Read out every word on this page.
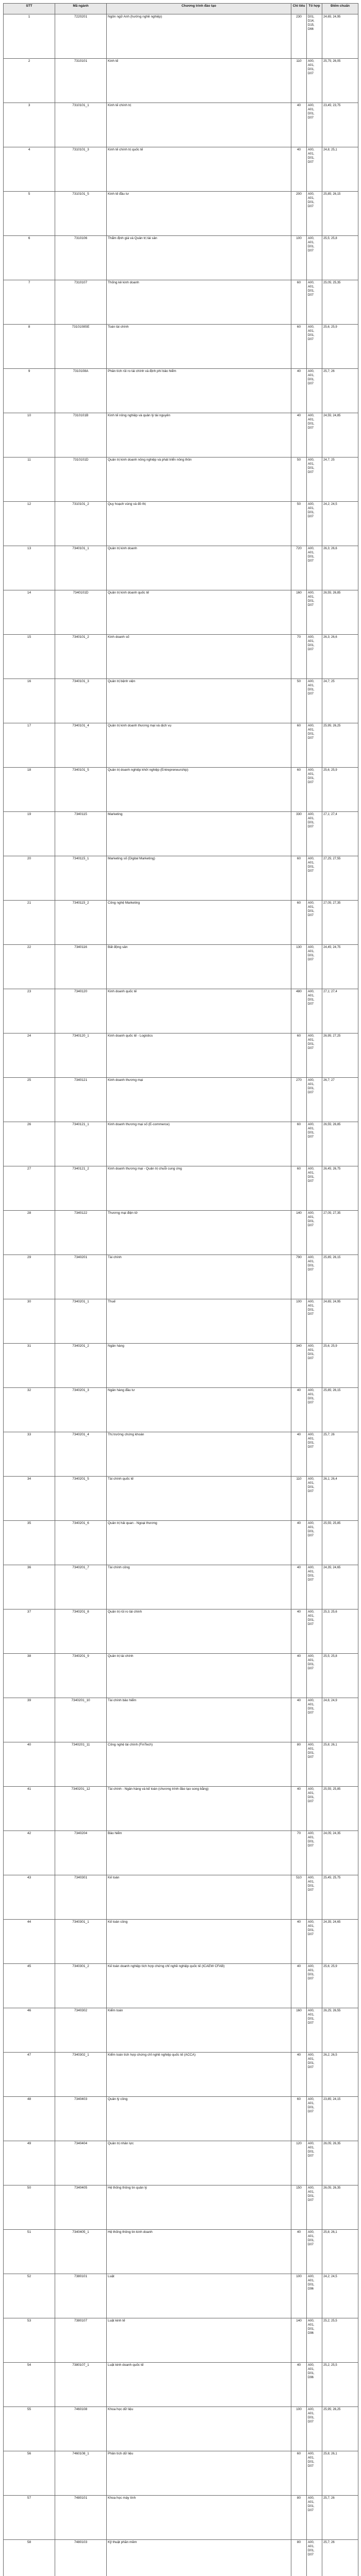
STT	Mã ngành	Chương trình đào tạo	Chỉ tiêu	Tổ hợp	Điểm chuẩn
1	7220201	Ngôn ngữ Anh (hướng nghề nghiệp)	230	D01, D14, D15, D66	24,65; 24,95
2	7310101	Kinh tế	110	A00, A01, D01, D07	25,75; 26,05
3	7310101_1	Kinh tế chính trị	40	A00, A01, D01, D07	23,45; 23,75
4	7310101_3	Kinh tế chính trị quốc tế	40	A00, A01, D01, D07	24,8; 25,1
5	7310101_5	Kinh tế đầu tư	200	A00, A01, D01, D07	25,85; 26,15
6	7310106	Thẩm định giá và Quản trị tài sản	100	A00, A01, D01, D07	25,5; 25,8
7	7310107	Thống kê kinh doanh	60	A00, A01, D01, D07	25,05; 25,35
8	7310108SE	Toán tài chính	60	A00, A01, D01, D07	25,6; 25,9
9	7310108A	Phân tích rủi ro tài chính và định phí bảo hiểm	40	A00, A01, D01, D07	25,7; 26
10	7310101B	Kinh tế nông nghiệp và quản lý tài nguyên	40	A00, A01, D01, D07	24,55; 24,85
11	7310101D	Quản trị kinh doanh nông nghiệp và phát triển nông thôn	50	A00, A01, D01, D07	24,7; 25
12	7310101_2	Quy hoạch vùng và đô thị	50	A00, A01, D01, D07	24,2; 24,5
13	7340101_1	Quản trị kinh doanh	720	A00, A01, D01, D07	26,3; 26,6
14	7340101D	Quản trị kinh doanh quốc tế	160	A00, A01, D01, D07	26,55; 26,85
15	7340101_2	Kinh doanh số	70	A00, A01, D01, D07	26,3; 26,6
16	7340101_3	Quản trị bệnh viện	50	A00, A01, D01, D07	24,7; 25
17	7340101_4	Quản trị kinh doanh thương mại và dịch vụ	60	A00, A01, D01, D07	25,95; 26,25
18	7340101_5	Quản trị doanh nghiệp khởi nghiệp (Entrepreneurship)	60	A00, A01, D01, D07	25,6; 25,9
19	7340115	Marketing	330	A00, A01, D01, D07	27,1; 27,4
20	7340115_1	Marketing số (Digital Marketing)	60	A00, A01, D01, D07	27,25; 27,55
21	7340115_2	Công nghệ Marketing	60	A00, A01, D01, D07	27,05; 27,35
22	7340116	Bất động sản	130	A00, A01, D01, D07	24,45; 24,75
23	7340120	Kinh doanh quốc tế	480	A00, A01, D01, D07	27,1; 27,4
24	7340120_1	Kinh doanh quốc tế - Logistics	60	A00, A01, D01, D07	26,95; 27,25
25	7340121	Kinh doanh thương mại	270	A00, A01, D01, D07	26,7; 27
26	7340121_1	Kinh doanh thương mại số (E-commerce)	60	A00, A01, D01, D07	26,55; 26,85
27	7340121_2	Kinh doanh thương mại - Quản trị chuỗi cung ứng	60	A00, A01, D01, D07	26,45; 26,75
28	7340122	Thương mại điện tử	140	A00, A01, D01, D07	27,05; 27,35
29	7340201	Tài chính	790	A00, A01, D01, D07	25,85; 26,15
30	7340201_1	Thuế	100	A00, A01, D01, D07	24,65; 24,95
31	7340201_2	Ngân hàng	340	A00, A01, D01, D07	25,6; 25,9
32	7340201_3	Ngân hàng đầu tư	40	A00, A01, D01, D07	25,85; 26,15
33	7340201_4	Thị trường chứng khoán	40	A00, A01, D01, D07	25,7; 26
34	7340201_5	Tài chính quốc tế	110	A00, A01, D01, D07	26,1; 26,4
35	7340201_6	Quản trị hải quan - Ngoại thương	40	A00, A01, D01, D07	25,55; 25,85
36	7340201_7	Tài chính công	40	A00, A01, D01, D07	24,35; 24,65
37	7340201_8	Quản trị rủi ro tài chính	40	A00, A01, D01, D07	25,3; 25,6
38	7340201_9	Quản trị tài chính	40	A00, A01, D01, D07	25,5; 25,8
39	7340201_10	Tài chính bảo hiểm	40	A00, A01, D01, D07	24,6; 24,9
40	7340201_11	Công nghệ tài chính (FinTech)	80	A00, A01, D01, D07	25,8; 26,1
41	7340201_12	Tài chính - Ngân hàng và kế toán (chương trình đào tạo song bằng)	40	A00, A01, D01, D07	25,55; 25,85
42	7340204	Bảo hiểm	70	A00, A01, D01, D07	24,05; 24,35
43	7340301	Kế toán	510	A00, A01, D01, D07	25,45; 25,75
44	7340301_1	Kế toán công	40	A00, A01, D01, D07	24,35; 24,65
45	7340301_2	Kế toán doanh nghiệp tích hợp chứng chỉ nghề nghiệp quốc tế (ICAEW CFAB)	40	A00, A01, D01, D07	25,6; 25,9
46	7340302	Kiểm toán	160	A00, A01, D01, D07	26,25; 26,55
47	7340302_1	Kiểm toán tích hợp chứng chỉ nghề nghiệp quốc tế (ACCA)	40	A00, A01, D01, D07	26,2; 26,5
48	7340403	Quản lý công	60	A00, A01, D01, D07	23,85; 24,15
49	7340404	Quản trị nhân lực	120	A00, A01, D01, D07	26,05; 26,35
50	7340405	Hệ thống thông tin quản lý	150	A00, A01, D01, D07	26,05; 26,35
51	7340405_1	Hệ thống thông tin kinh doanh	40	A00, A01, D01, D07	25,8; 26,1
52	7380101	Luật	100	A00, A01, D01, D96	24,2; 24,5
53	7380107	Luật kinh tế	140	A00, A01, D01, D96	25,2; 25,5
54	7380107_1	Luật kinh doanh quốc tế	40	A00, A01, D01, D96	25,2; 25,5
55	7460108	Khoa học dữ liệu	100	A00, A01, D01, D07	25,95; 26,25
56	7460108_1	Phân tích dữ liệu	60	A00, A01, D01, D07	25,8; 26,1
57	7480101	Khoa học máy tính	80	A00, A01, D01, D07	25,7; 26
58	7480103	Kỹ thuật phần mềm	80	A00, A01, D01, D07	25,7; 26
